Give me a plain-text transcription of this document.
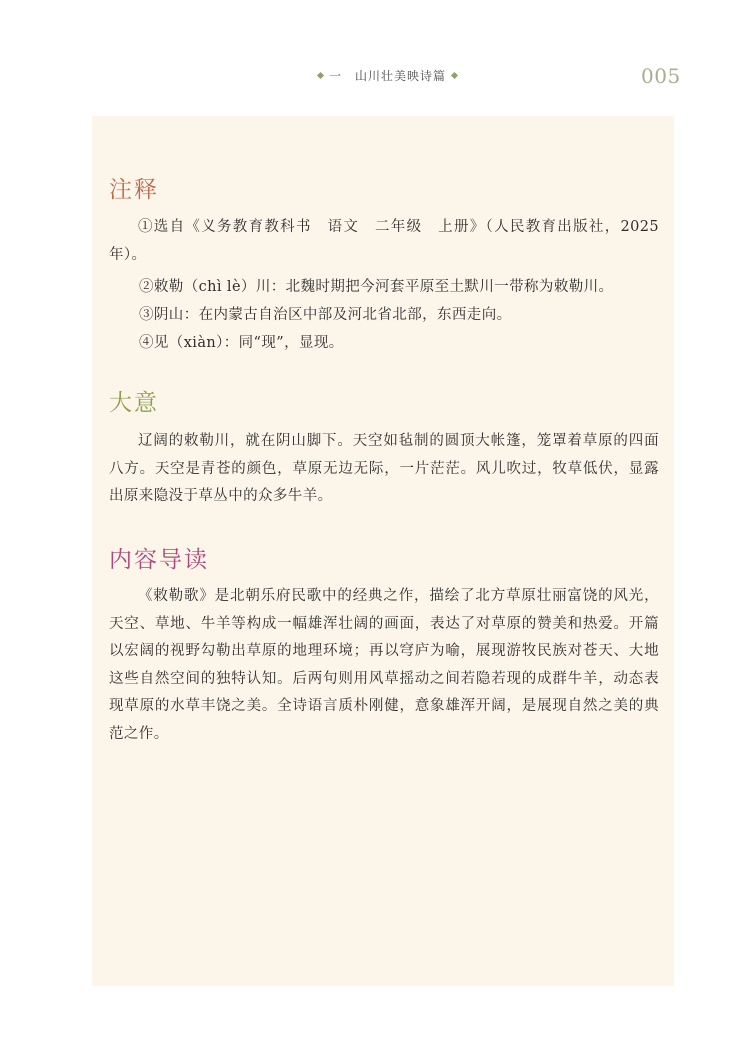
一　山川壮美映诗篇	005
注释
①选自《义务教育教科书　语文　二年级　上册》（人民教育出版社，2025年）。
②敕勒（chì lè）川：北魏时期把今河套平原至土默川一带称为敕勒川。
③阴山：在内蒙古自治区中部及河北省北部，东西走向。
④见（xiàn）：同“现”，显现。
大意
辽阔的敕勒川，就在阴山脚下。天空如毡制的圆顶大帐篷，笼罩着草原的四面八方。天空是青苍的颜色，草原无边无际，一片茫茫。风儿吹过，牧草低伏，显露出原来隐没于草丛中的众多牛羊。
内容导读
《敕勒歌》是北朝乐府民歌中的经典之作，描绘了北方草原壮丽富饶的风光，天空、草地、牛羊等构成一幅雄浑壮阔的画面，表达了对草原的赞美和热爱。开篇以宏阔的视野勾勒出草原的地理环境；再以穹庐为喻，展现游牧民族对苍天、大地这些自然空间的独特认知。后两句则用风草摇动之间若隐若现的成群牛羊，动态表现草原的水草丰饶之美。全诗语言质朴刚健，意象雄浑开阔，是展现自然之美的典范之作。
